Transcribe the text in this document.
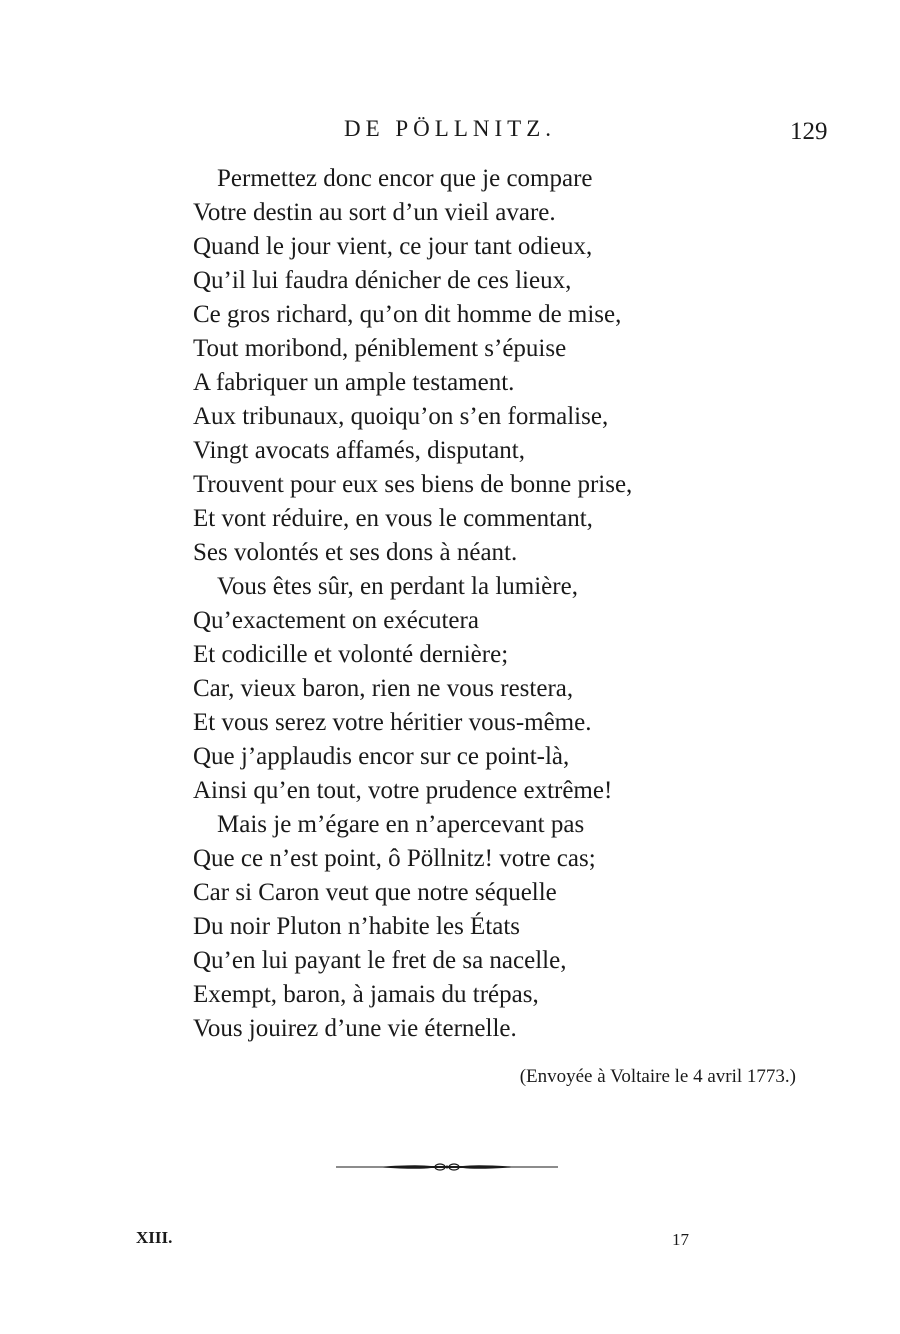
DE PÖLLNITZ.	129
Permettez donc encor que je compare
Votre destin au sort d’un vieil avare.
Quand le jour vient, ce jour tant odieux,
Qu’il lui faudra dénicher de ces lieux,
Ce gros richard, qu’on dit homme de mise,
Tout moribond, péniblement s’épuise
A fabriquer un ample testament.
Aux tribunaux, quoiqu’on s’en formalise,
Vingt avocats affamés, disputant,
Trouvent pour eux ses biens de bonne prise,
Et vont réduire, en vous le commentant,
Ses volontés et ses dons à néant.
Vous êtes sûr, en perdant la lumière,
Qu’exactement on exécutera
Et codicille et volonté dernière;
Car, vieux baron, rien ne vous restera,
Et vous serez votre héritier vous-même.
Que j’applaudis encor sur ce point-là,
Ainsi qu’en tout, votre prudence extrême!
Mais je m’égare en n’apercevant pas
Que ce n’est point, ô Pöllnitz! votre cas;
Car si Caron veut que notre séquelle
Du noir Pluton n’habite les États
Qu’en lui payant le fret de sa nacelle,
Exempt, baron, à jamais du trépas,
Vous jouirez d’une vie éternelle.
(Envoyée à Voltaire le 4 avril 1773.)
XIII.	17
